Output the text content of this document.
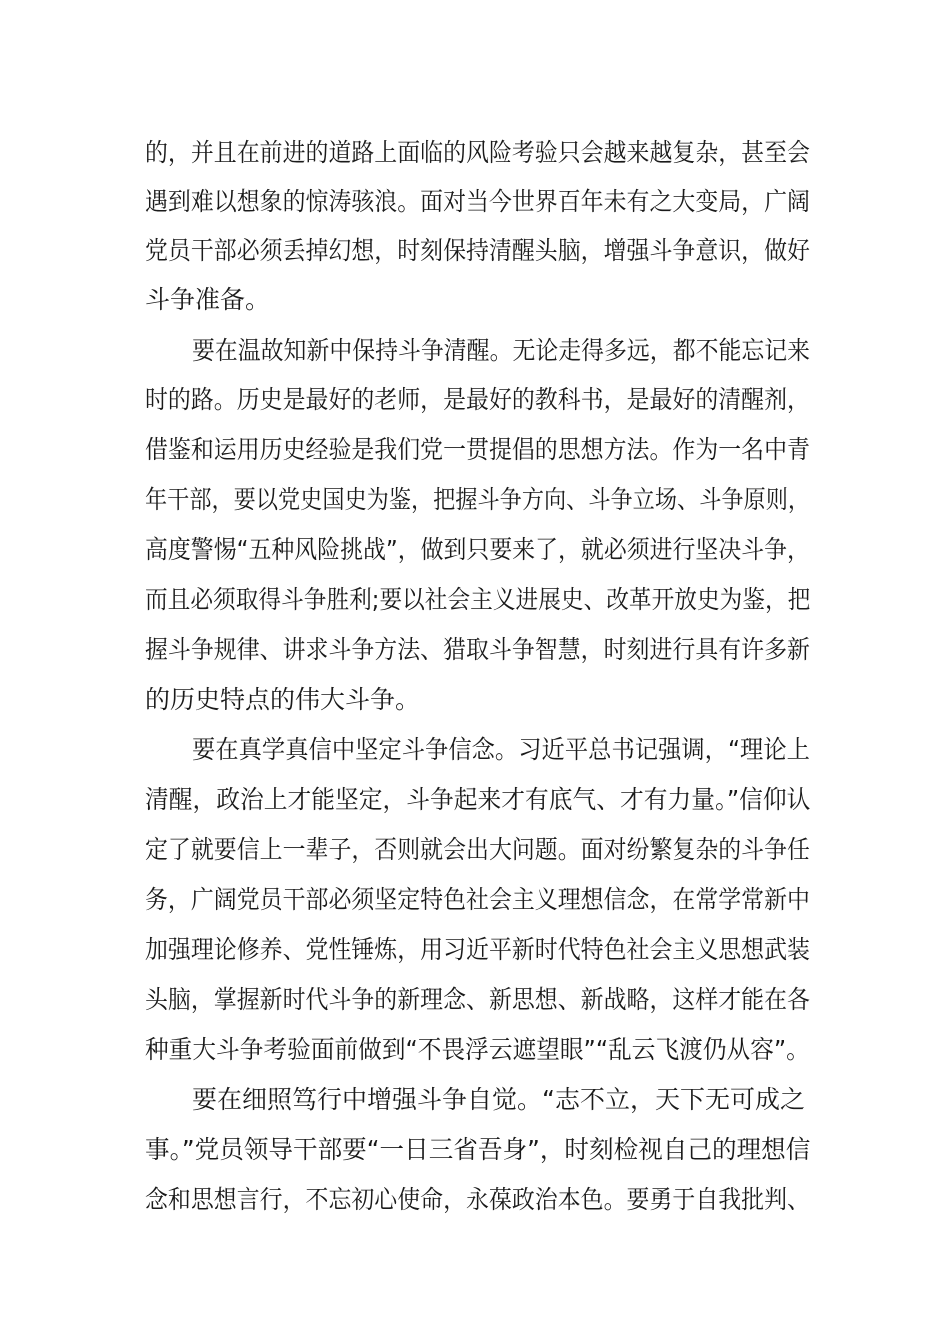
的，并且在前进的道路上面临的风险考验只会越来越复杂，甚至会
遇到难以想象的惊涛骇浪。面对当今世界百年未有之大变局，广阔
党员干部必须丢掉幻想，时刻保持清醒头脑，增强斗争意识，做好
斗争准备。
要在温故知新中保持斗争清醒。无论走得多远，都不能忘记来
时的路。历史是最好的老师，是最好的教科书，是最好的清醒剂，
借鉴和运用历史经验是我们党一贯提倡的思想方法。作为一名中青
年干部，要以党史国史为鉴，把握斗争方向、斗争立场、斗争原则，
高度警惕“五种风险挑战”，做到只要来了，就必须进行坚决斗争，
而且必须取得斗争胜利;要以社会主义进展史、改革开放史为鉴，把
握斗争规律、讲求斗争方法、猎取斗争智慧，时刻进行具有许多新
的历史特点的伟大斗争。
要在真学真信中坚定斗争信念。习近平总书记强调，“理论上
清醒，政治上才能坚定，斗争起来才有底气、才有力量。”信仰认
定了就要信上一辈子，否则就会出大问题。面对纷繁复杂的斗争任
务，广阔党员干部必须坚定特色社会主义理想信念，在常学常新中
加强理论修养、党性锤炼，用习近平新时代特色社会主义思想武装
头脑，掌握新时代斗争的新理念、新思想、新战略，这样才能在各
种重大斗争考验面前做到“不畏浮云遮望眼”“乱云飞渡仍从容”。
要在细照笃行中增强斗争自觉。“志不立，天下无可成之
事。”党员领导干部要“一日三省吾身”，时刻检视自己的理想信
念和思想言行，不忘初心使命，永葆政治本色。要勇于自我批判、
